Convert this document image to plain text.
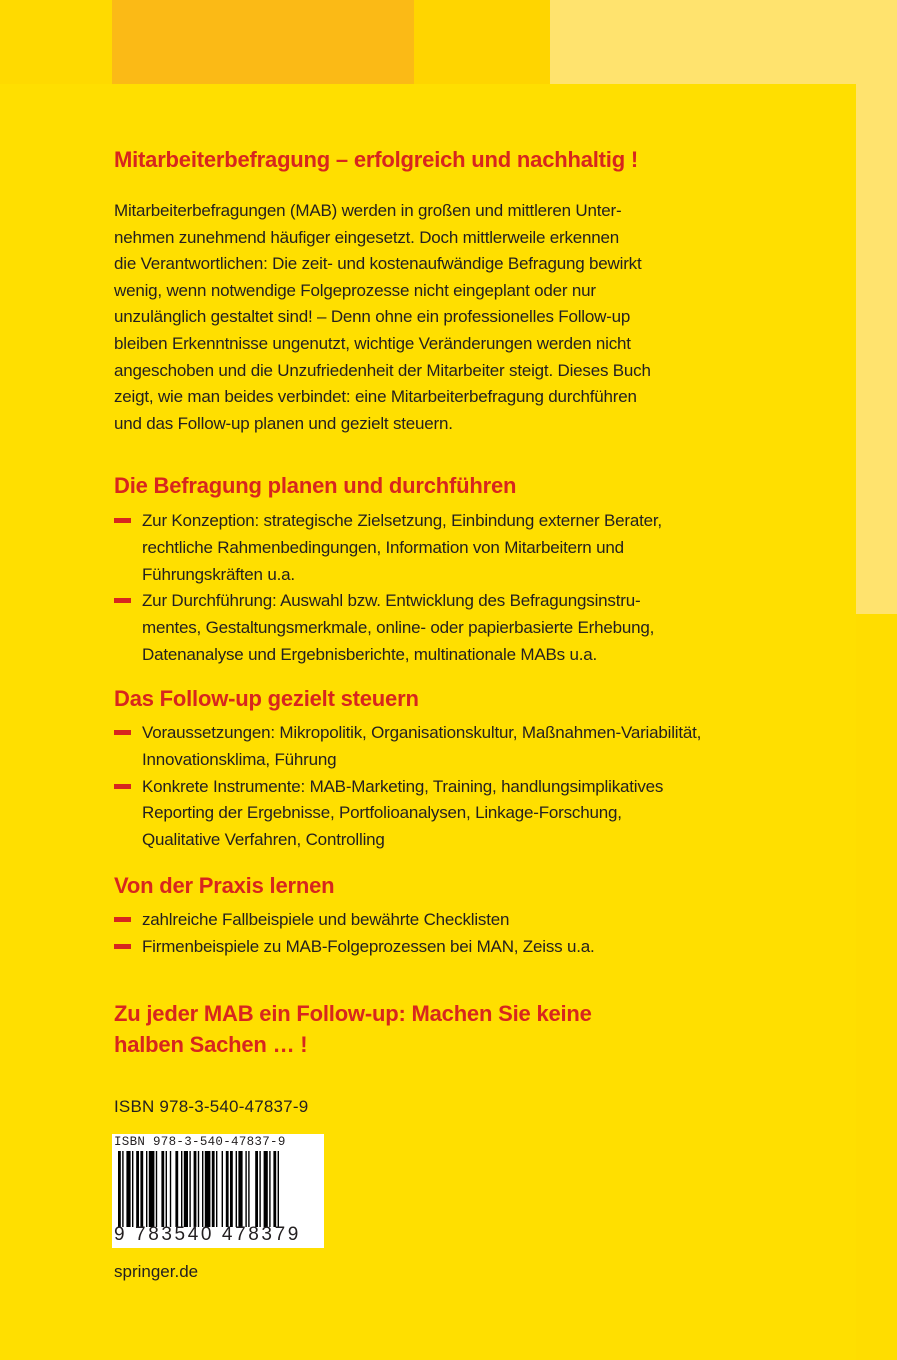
Mitarbeiterbefragung – erfolgreich und nachhaltig !

Mitarbeiterbefragungen (MAB) werden in großen und mittleren Unter-

nehmen zunehmend häufiger eingesetzt. Doch mittlerweile erkennen

die Verantwortlichen: Die zeit- und kostenaufwändige Befragung bewirkt

wenig, wenn notwendige Folgeprozesse nicht eingeplant oder nur

unzulänglich gestaltet sind! – Denn ohne ein professionelles Follow-up

bleiben Erkenntnisse ungenutzt, wichtige Veränderungen werden nicht

angeschoben und die Unzufriedenheit der Mitarbeiter steigt. Dieses Buch

zeigt, wie man beides verbindet: eine Mitarbeiterbefragung durchführen

und das Follow-up planen und gezielt steuern.

Die Befragung planen und durchführen
Zur Konzeption: strategische Zielsetzung, Einbindung externer Berater, rechtliche Rahmenbedingungen, Information von Mitarbeitern und Führungskräften u.a.
Zur Durchführung: Auswahl bzw. Entwicklung des Befragungsinstru-mentes, Gestaltungsmerkmale, online- oder papierbasierte Erhebung, Datenanalyse und Ergebnisberichte, multinationale MABs u.a.
Das Follow-up gezielt steuern
Voraussetzungen: Mikropolitik, Organisationskultur, Maßnahmen-Variabilität, Innovationsklima, Führung
Konkrete Instrumente: MAB-Marketing, Training, handlungsimplikatives Reporting der Ergebnisse, Portfolioanalysen, Linkage-Forschung, Qualitative Verfahren, Controlling
Von der Praxis lernen
zahlreiche Fallbeispiele und bewährte Checklisten
Firmenbeispiele zu MAB-Folgeprozessen bei MAN, Zeiss u.a.
Zu jeder MAB ein Follow-up: Machen Sie keine
halben Sachen … !
ISBN 978-3-540-47837-9
springer.de
ISBN 978-3-540-47837-9
9 783540 478379
